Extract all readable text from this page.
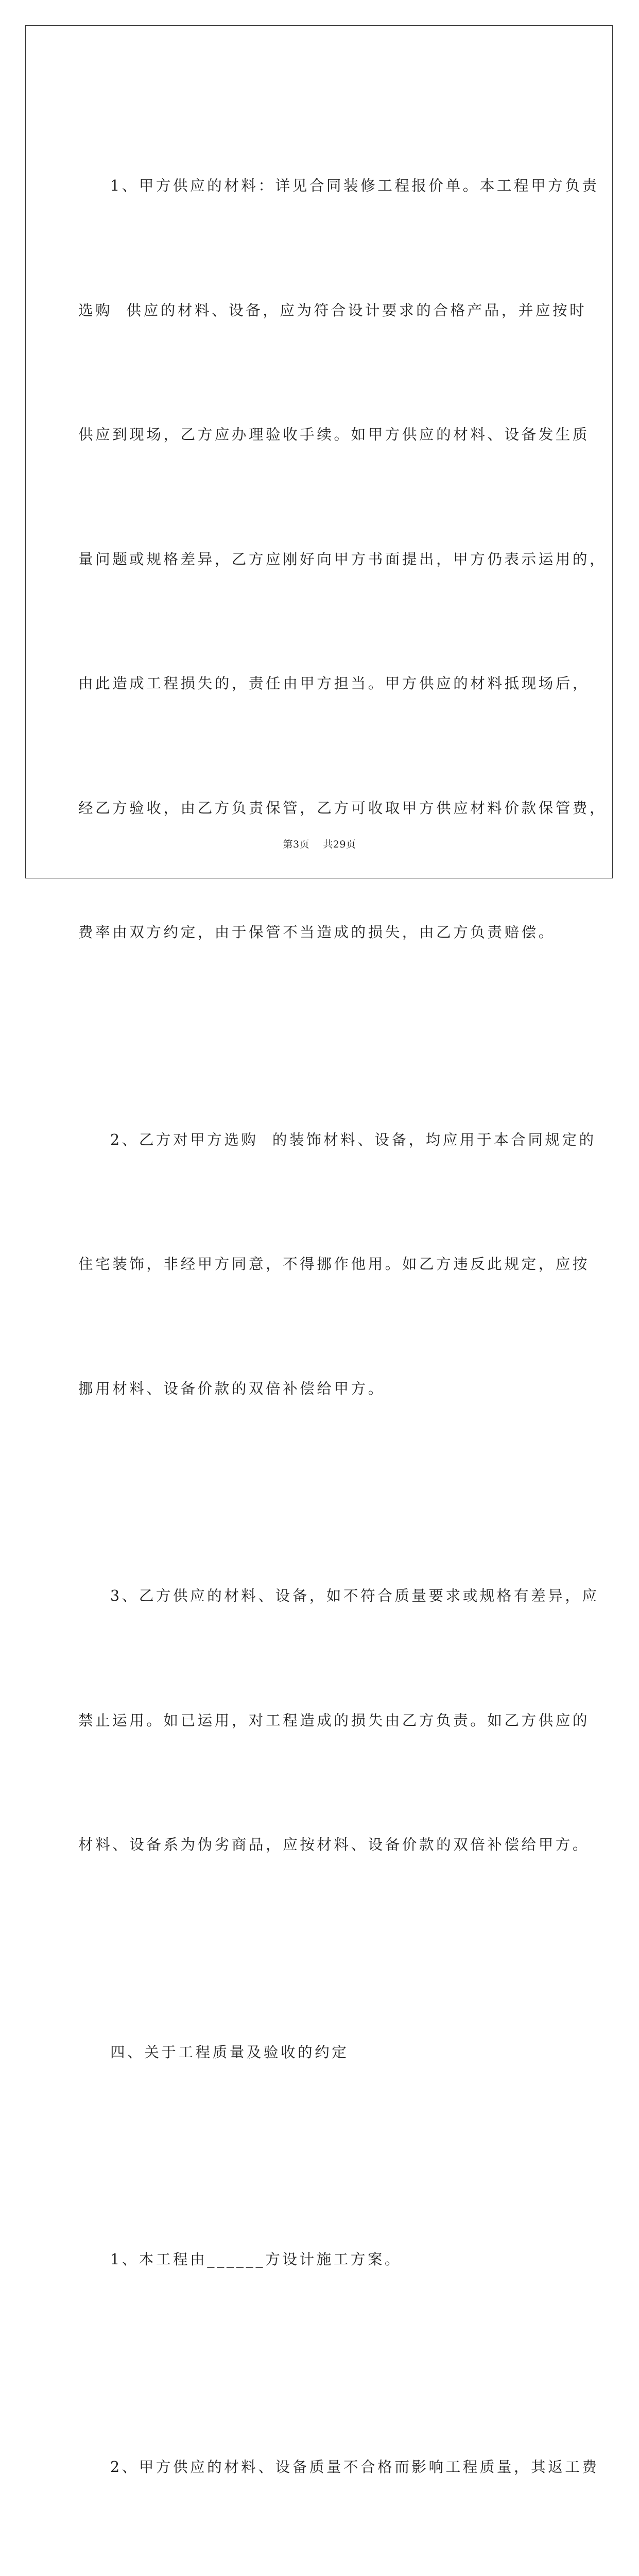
1、甲方供应的材料：详见合同装修工程报价单。本工程甲方负责

选购  供应的材料、设备，应为符合设计要求的合格产品，并应按时

供应到现场，乙方应办理验收手续。如甲方供应的材料、设备发生质

量问题或规格差异，乙方应刚好向甲方书面提出，甲方仍表示运用的，

由此造成工程损失的，责任由甲方担当。甲方供应的材料抵现场后，

经乙方验收，由乙方负责保管，乙方可收取甲方供应材料价款保管费，

费率由双方约定，由于保管不当造成的损失，由乙方负责赔偿。

2、乙方对甲方选购  的装饰材料、设备，均应用于本合同规定的

住宅装饰，非经甲方同意，不得挪作他用。如乙方违反此规定，应按

挪用材料、设备价款的双倍补偿给甲方。

3、乙方供应的材料、设备，如不符合质量要求或规格有差异，应

禁止运用。如已运用，对工程造成的损失由乙方负责。如乙方供应的

材料、设备系为伪劣商品，应按材料、设备价款的双倍补偿给甲方。

四、关于工程质量及验收的约定

1、本工程由______方设计施工方案。

2、甲方供应的材料、设备质量不合格而影响工程质量，其返工费

第3页 共29页
